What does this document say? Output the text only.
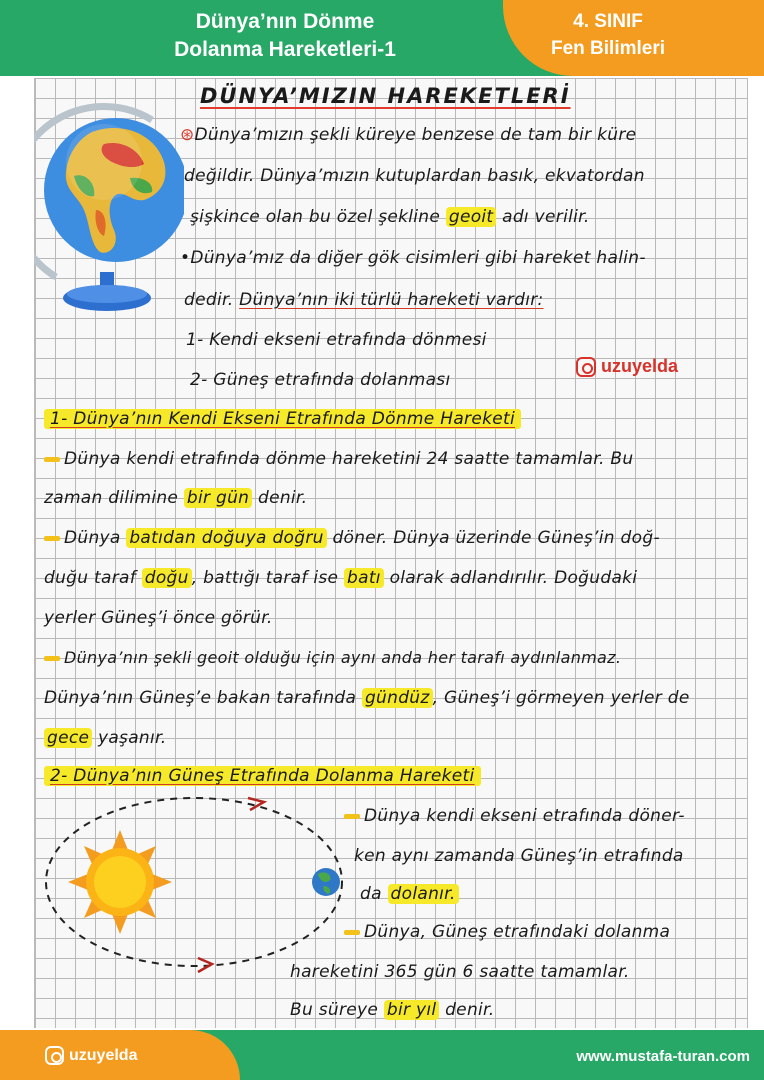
Dünya’nın Dönme
Dolanma Hareketleri-1
4. SINIF
Fen Bilimleri
DÜNYA’MIZIN HAREKETLERİ
⊛Dünya’mızın şekli küreye benzese de tam bir küre
değildir. Dünya’mızın kutuplardan basık, ekvatordan
şişkince olan bu özel şekline geoit adı verilir.
•Dünya’mız da diğer gök cisimleri gibi hareket halin-
dedir. Dünya’nın iki türlü hareketi vardır:
1- Kendi ekseni etrafında dönmesi
2- Güneş etrafında dolanması
uzuyelda
1- Dünya’nın Kendi Ekseni Etrafında Dönme Hareketi
Dünya kendi etrafında dönme hareketini 24 saatte tamamlar. Bu
zaman dilimine bir gün denir.
Dünya batıdan doğuya doğru döner. Dünya üzerinde Güneş’in doğ-
duğu taraf doğu , battığı taraf ise batı olarak adlandırılır. Doğudaki
yerler Güneş’i önce görür.
Dünya’nın şekli geoit olduğu için aynı anda her tarafı aydınlanmaz.
Dünya’nın Güneş’e bakan tarafında gündüz , Güneş’i görmeyen yerler de
gece yaşanır.
2- Dünya’nın Güneş Etrafında Dolanma Hareketi
Dünya kendi ekseni etrafında döner-
ken aynı zamanda Güneş’in etrafında
da dolanır.
Dünya, Güneş etrafındaki dolanma
hareketini 365 gün 6 saatte tamamlar.
Bu süreye bir yıl denir.
uzuyelda	www.mustafa-turan.com
